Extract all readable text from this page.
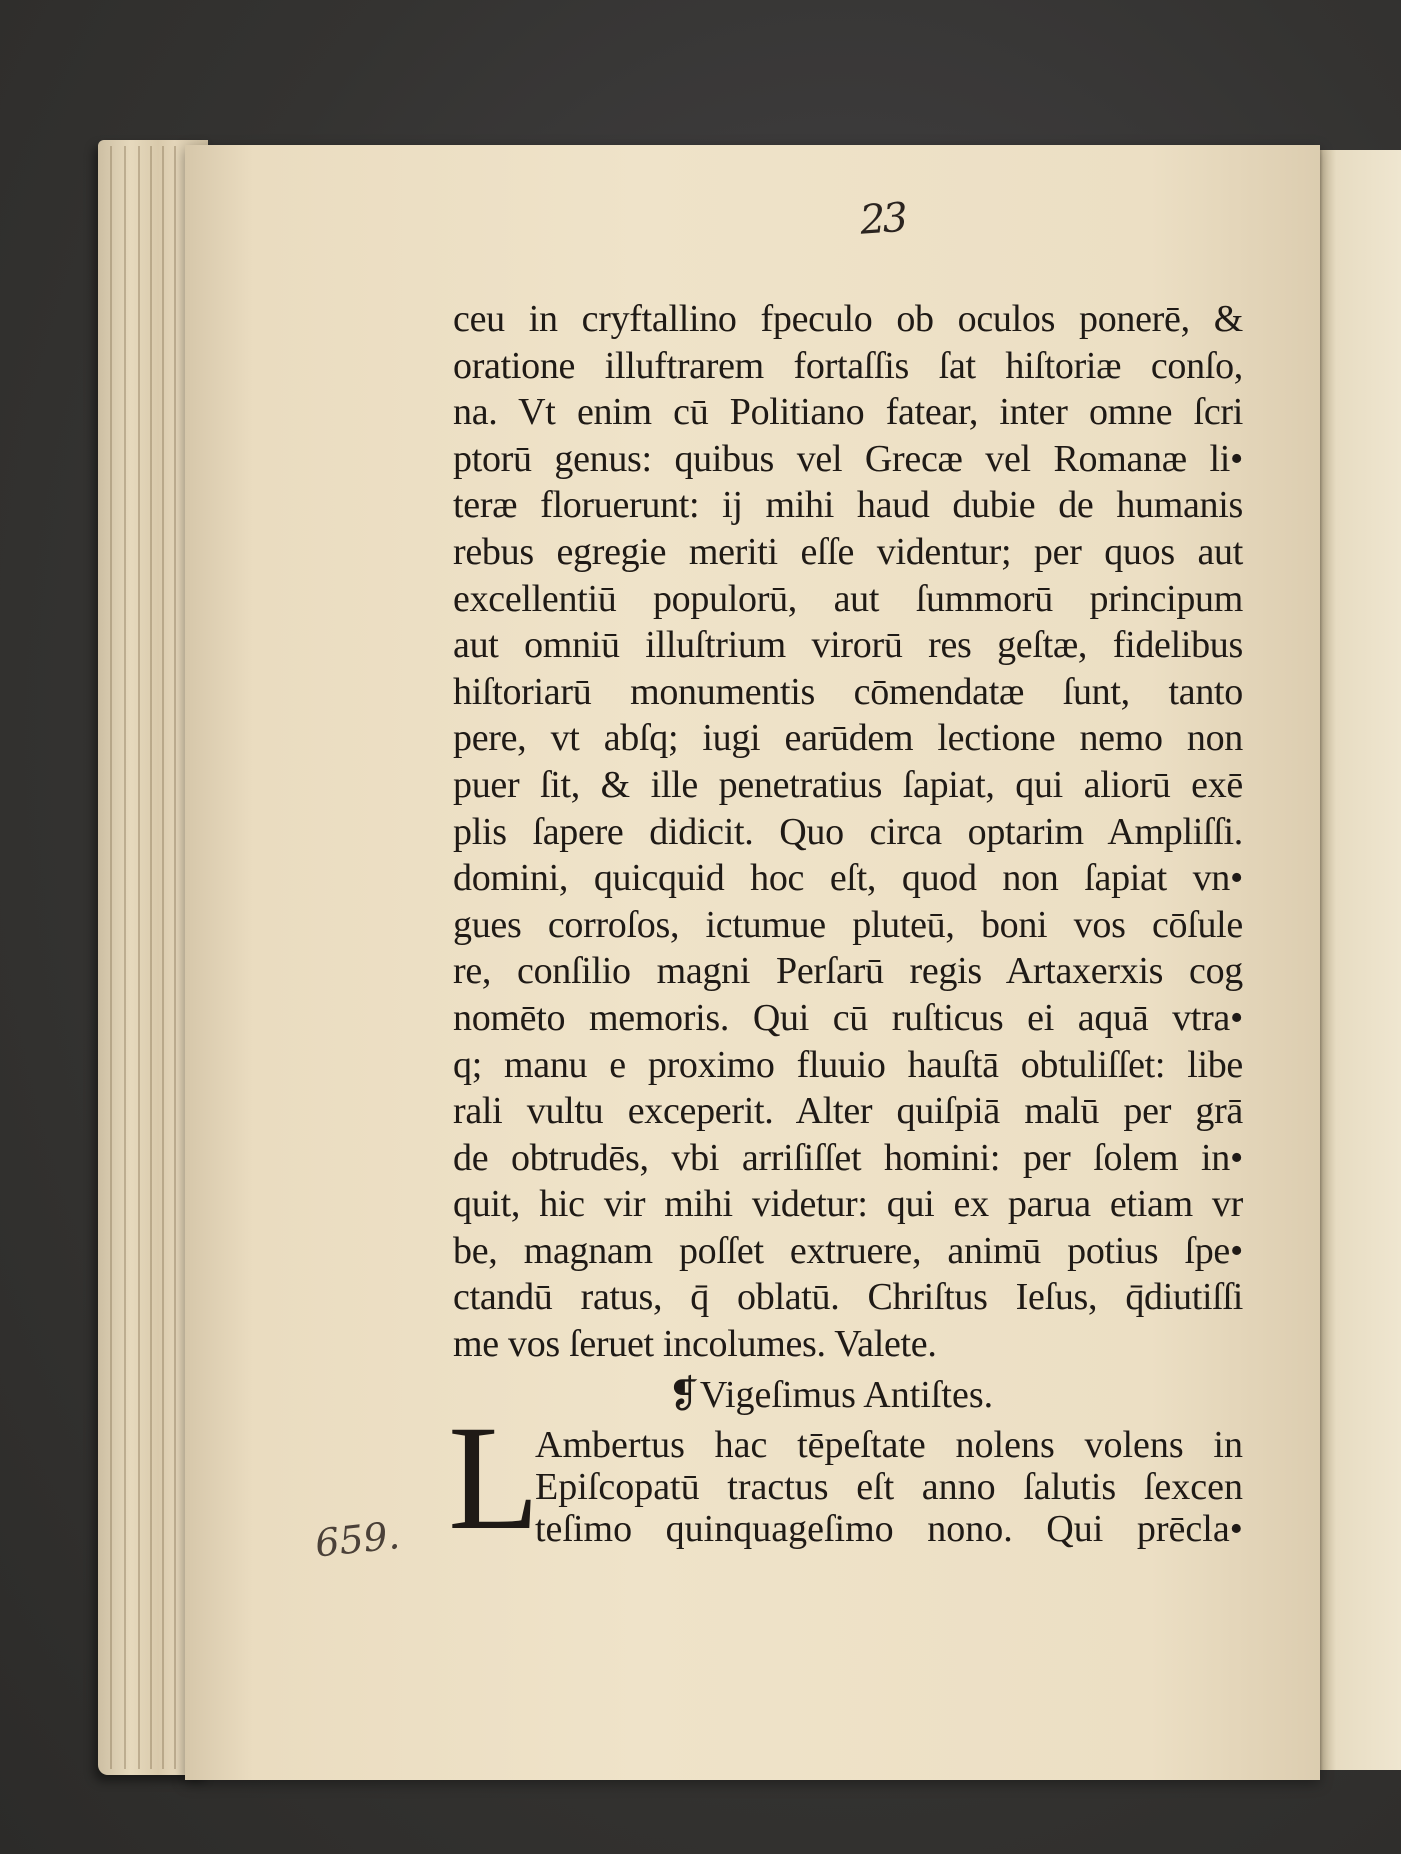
23
ceu in cryftallino fpeculo ob oculos ponerē, &
oratione illuftrarem fortaſſis ſat hiſtoriæ conſo,
na. Vt enim cū Politiano fatear, inter omne ſcri
ptorū genus: quibus vel Grecæ vel Romanæ li•
teræ floruerunt: ij mihi haud dubie de humanis
rebus egregie meriti eſſe videntur; per quos aut
excellentiū populorū, aut ſummorū principum
aut omniū illuſtrium virorū res geſtæ, fidelibus
hiſtoriarū monumentis cōmendatæ ſunt, tanto
pere, vt abſq; iugi earūdem lectione nemo non
puer ſit, & ille penetratius ſapiat, qui aliorū exē
plis ſapere didicit. Quo circa optarim Ampliſſi.
domini, quicquid hoc eſt, quod non ſapiat vn•
gues corroſos, ictumue pluteū, boni vos cōſule
re, conſilio magni Perſarū regis Artaxerxis cog
nomēto memoris. Qui cū ruſticus ei aquā vtra•
q; manu e proximo fluuio hauſtā obtuliſſet: libe
rali vultu exceperit. Alter quiſpiā malū per grā
de obtrudēs, vbi arriſiſſet homini: per ſolem in•
quit, hic vir mihi videtur: qui ex parua etiam vr
be, magnam poſſet extruere, animū potius ſpe•
ctandū ratus, q̄ oblatū. Chriſtus Ieſus, q̄diutiſſi
me vos ſeruet incolumes. Valete.
❡Vigeſimus Antiſtes.
L
Ambertus hac tēpeſtate nolens volens in
Epiſcopatū tractus eſt anno ſalutis ſexcen
teſimo quinquageſimo nono. Qui prēcla•
659.
